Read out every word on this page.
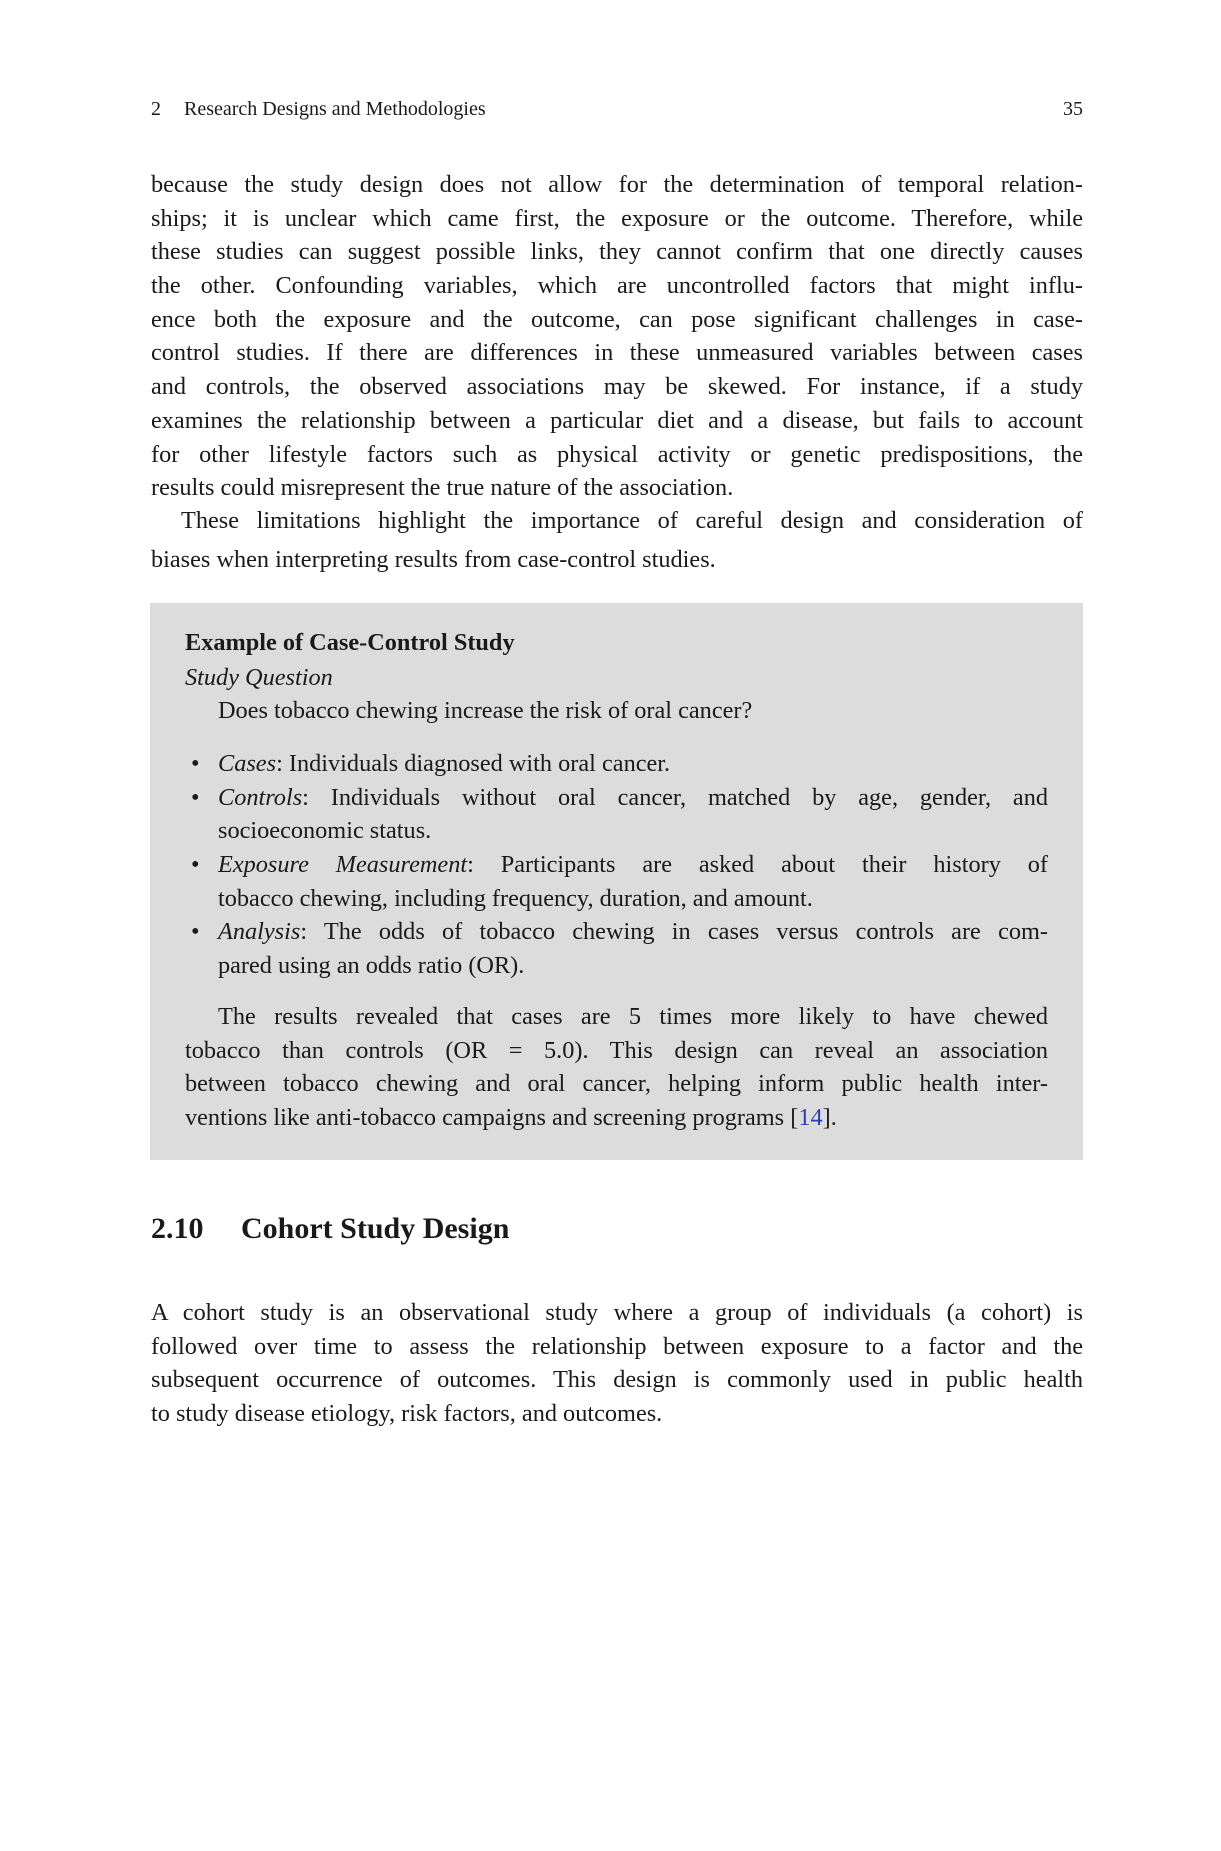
2 Research Designs and Methodologies	35
because the study design does not allow for the determination of temporal relation-
ships; it is unclear which came first, the exposure or the outcome. Therefore, while
these studies can suggest possible links, they cannot confirm that one directly causes
the other. Confounding variables, which are uncontrolled factors that might influ-
ence both the exposure and the outcome, can pose significant challenges in case-
control studies. If there are differences in these unmeasured variables between cases
and controls, the observed associations may be skewed. For instance, if a study
examines the relationship between a particular diet and a disease, but fails to account
for other lifestyle factors such as physical activity or genetic predispositions, the
results could misrepresent the true nature of the association.
These limitations highlight the importance of careful design and consideration of
biases when interpreting results from case-control studies.
Example of Case-Control Study
Study Question
Does tobacco chewing increase the risk of oral cancer?
• Cases: Individuals diagnosed with oral cancer.
• Controls: Individuals without oral cancer, matched by age, gender, and
socioeconomic status.
• Exposure Measurement: Participants are asked about their history of
tobacco chewing, including frequency, duration, and amount.
• Analysis: The odds of tobacco chewing in cases versus controls are com-
pared using an odds ratio (OR).
The results revealed that cases are 5 times more likely to have chewed
tobacco than controls (OR = 5.0). This design can reveal an association
between tobacco chewing and oral cancer, helping inform public health inter-
ventions like anti-tobacco campaigns and screening programs [14].
2.10 Cohort Study Design
A cohort study is an observational study where a group of individuals (a cohort) is
followed over time to assess the relationship between exposure to a factor and the
subsequent occurrence of outcomes. This design is commonly used in public health
to study disease etiology, risk factors, and outcomes.
